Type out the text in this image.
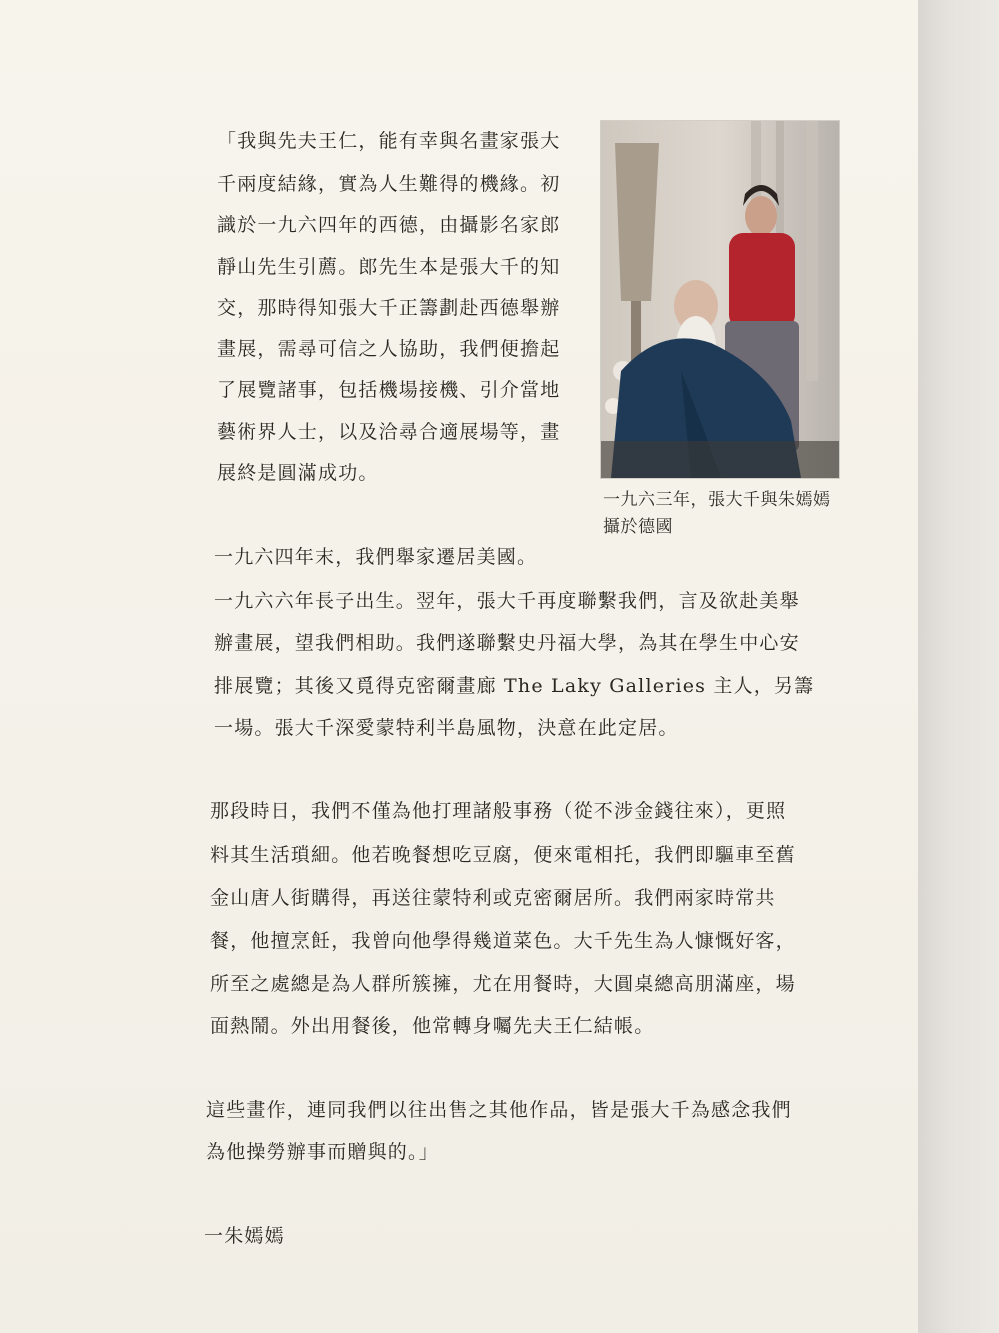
一九六三年，張大千與朱嫣嫣
攝於德國
「我與先夫王仁，能有幸與名畫家張大
千兩度結緣，實為人生難得的機緣。初
識於一九六四年的西德，由攝影名家郎
靜山先生引薦。郎先生本是張大千的知
交，那時得知張大千正籌劃赴西德舉辦
畫展，需尋可信之人協助，我們便擔起
了展覽諸事，包括機場接機、引介當地
藝術界人士，以及洽尋合適展場等，畫
展終是圓滿成功。
一九六四年末，我們舉家遷居美國。
一九六六年長子出生。翌年，張大千再度聯繫我們，言及欲赴美舉
辦畫展，望我們相助。我們遂聯繫史丹福大學，為其在學生中心安
排展覽；其後又覓得克密爾畫廊 The Laky Galleries 主人，另籌
一場。張大千深愛蒙特利半島風物，決意在此定居。
那段時日，我們不僅為他打理諸般事務（從不涉金錢往來），更照
料其生活瑣細。他若晚餐想吃豆腐，便來電相托，我們即驅車至舊
金山唐人街購得，再送往蒙特利或克密爾居所。我們兩家時常共
餐，他擅烹飪，我曾向他學得幾道菜色。大千先生為人慷慨好客，
所至之處總是為人群所簇擁，尤在用餐時，大圓桌總高朋滿座，場
面熱鬧。外出用餐後，他常轉身囑先夫王仁結帳。
這些畫作，連同我們以往出售之其他作品，皆是張大千為感念我們
為他操勞辦事而贈與的。」
一朱嫣嫣
